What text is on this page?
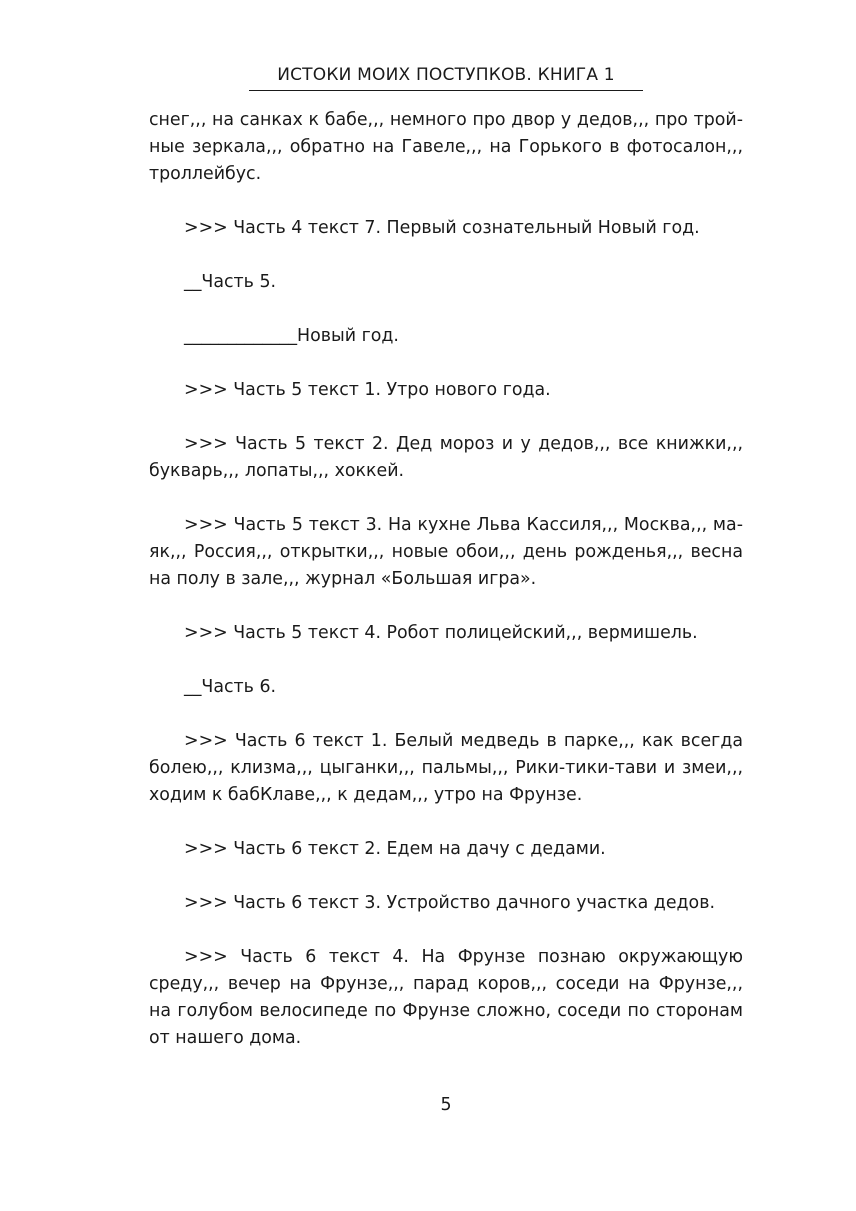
ИСТОКИ МОИХ ПОСТУПКОВ. КНИГА 1

снег,,, на санках к бабе,,, немного про двор у дедов,,, про тройные зеркала,,, обратно на Гавеле,,, на Горького в фотосалон,,, троллейбус.

>>> Часть 4 текст 7. Первый сознательный Новый год.

__Часть 5.

_____________Новый год.

>>> Часть 5 текст 1. Утро нового года.

>>> Часть 5 текст 2. Дед мороз и у дедов,,, все книжки,,, букварь,,, лопаты,,, хоккей.

>>> Часть 5 текст 3. На кухне Льва Кассиля,,, Москва,,, маяк,,, Россия,,, открытки,,, новые обои,,, день рожденья,,, весна на полу в зале,,, журнал «Большая игра».

>>> Часть 5 текст 4. Робот полицейский,,, вермишель.

__Часть 6.

>>> Часть 6 текст 1. Белый медведь в парке,,, как всегда болею,,, клизма,,, цыганки,,, пальмы,,, Рики-тики-тави и змеи,,, ходим к бабКлаве,,, к дедам,,, утро на Фрунзе.

>>> Часть 6 текст 2. Едем на дачу с дедами.

>>> Часть 6 текст 3. Устройство дачного участка дедов.

>>> Часть 6 текст 4. На Фрунзе познаю окружающую среду,,, вечер на Фрунзе,,, парад коров,,, соседи на Фрунзе,,, на голубом велосипеде по Фрунзе сложно, соседи по сторонам от нашего дома.

5
